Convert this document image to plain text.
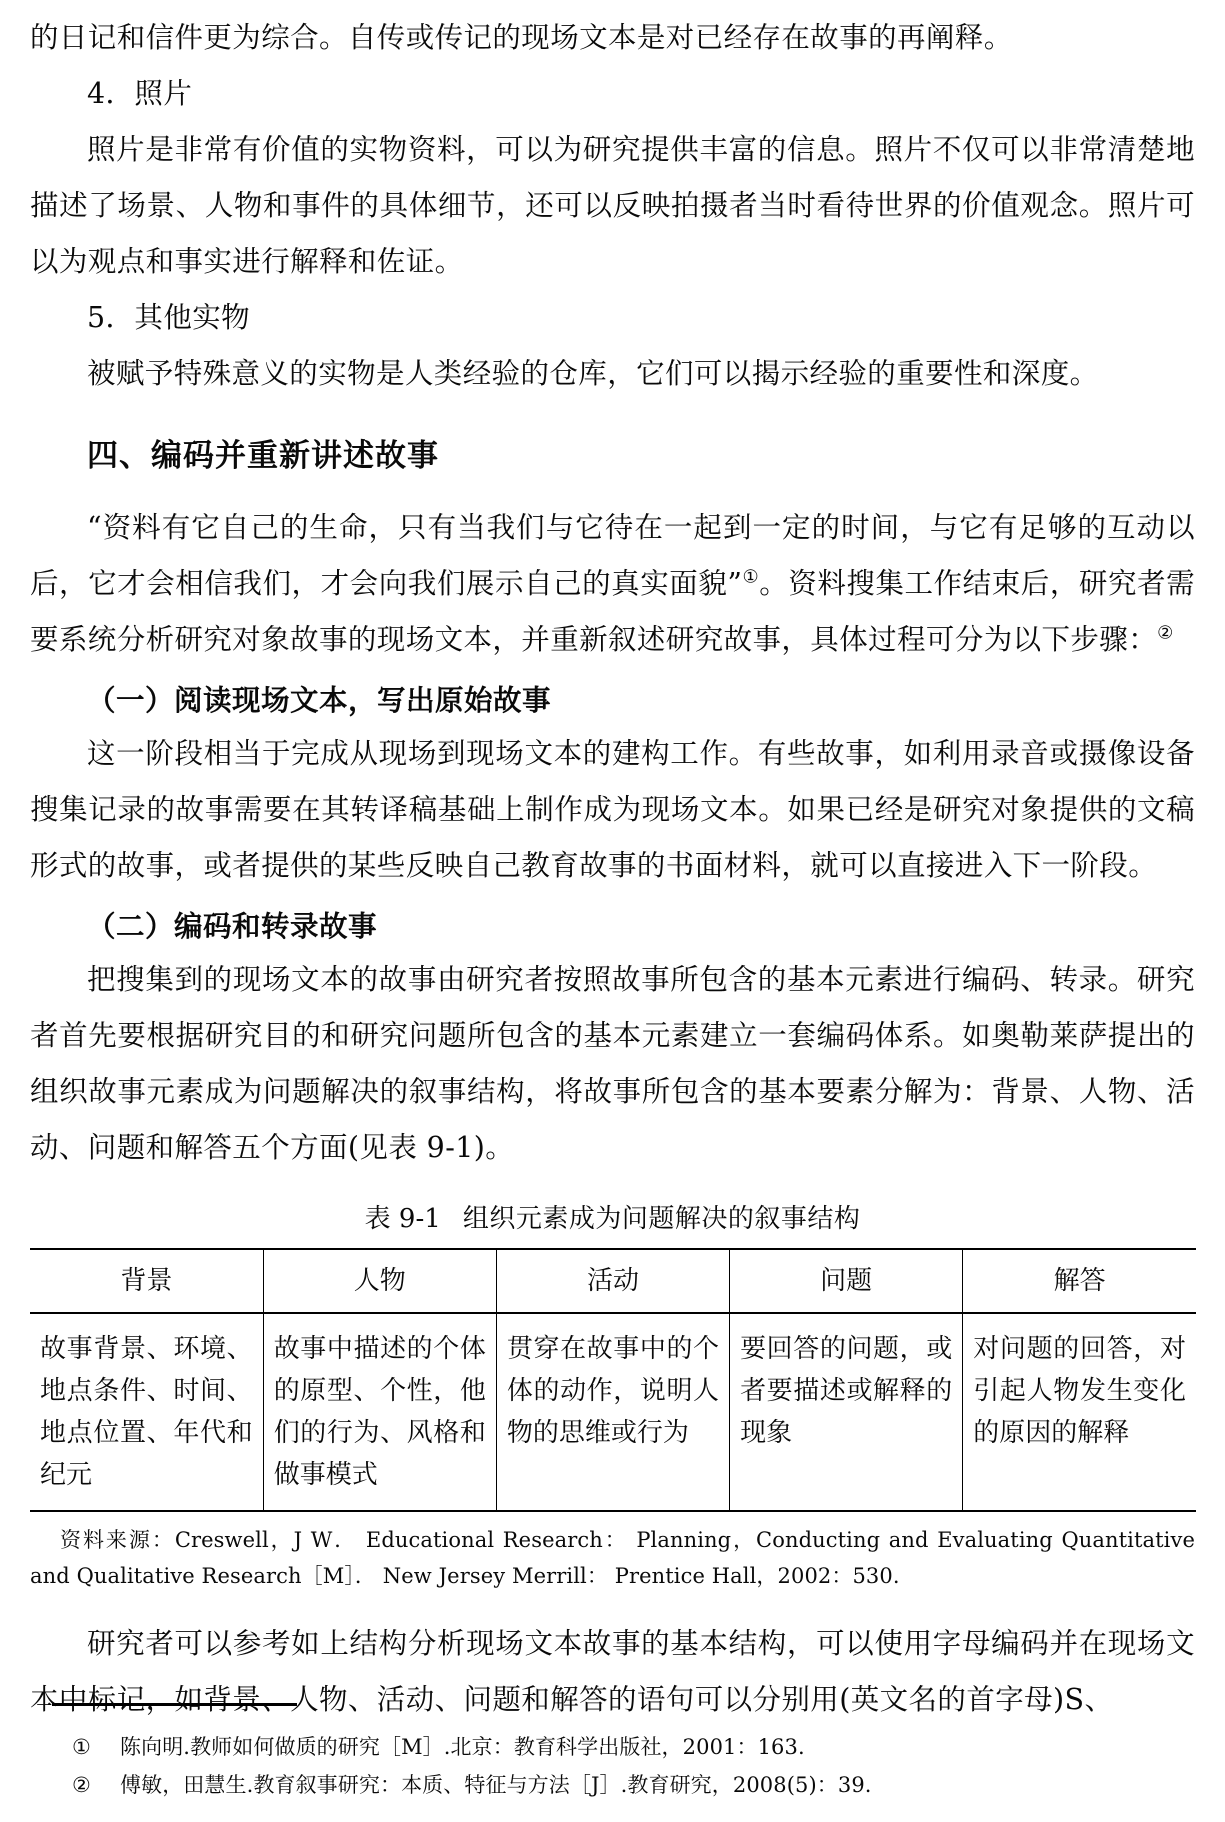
的日记和信件更为综合。自传或传记的现场文本是对已经存在故事的再阐释。

4．照片

照片是非常有价值的实物资料，可以为研究提供丰富的信息。照片不仅可以非常清楚地描述了场景、人物和事件的具体细节，还可以反映拍摄者当时看待世界的价值观念。照片可以为观点和事实进行解释和佐证。

5．其他实物

被赋予特殊意义的实物是人类经验的仓库，它们可以揭示经验的重要性和深度。

四、编码并重新讲述故事

“资料有它自己的生命，只有当我们与它待在一起到一定的时间，与它有足够的互动以后，它才会相信我们，才会向我们展示自己的真实面貌”①。资料搜集工作结束后，研究者需要系统分析研究对象故事的现场文本，并重新叙述研究故事，具体过程可分为以下步骤：②

（一）阅读现场文本，写出原始故事

这一阶段相当于完成从现场到现场文本的建构工作。有些故事，如利用录音或摄像设备搜集记录的故事需要在其转译稿基础上制作成为现场文本。如果已经是研究对象提供的文稿形式的故事，或者提供的某些反映自己教育故事的书面材料，就可以直接进入下一阶段。

（二）编码和转录故事

把搜集到的现场文本的故事由研究者按照故事所包含的基本元素进行编码、转录。研究者首先要根据研究目的和研究问题所包含的基本元素建立一套编码体系。如奥勒莱萨提出的组织故事元素成为问题解决的叙事结构，将故事所包含的基本要素分解为：背景、人物、活动、问题和解答五个方面(见表 9-1)。

表 9-1 组织元素成为问题解决的叙事结构
背景	人物	活动	问题	解答
故事背景、环境、地点条件、时间、地点位置、年代和纪元	故事中描述的个体的原型、个性，他们的行为、风格和做事模式	贯穿在故事中的个体的动作，说明人物的思维或行为	要回答的问题，或者要描述或解释的现象	对问题的回答，对引起人物发生变化的原因的解释

资料来源：Creswell，J W． Educational Research： Planning，Conducting and Evaluating Quantitative and Qualitative Research［M］． New Jersey Merrill： Prentice Hall，2002：530.

研究者可以参考如上结构分析现场文本故事的基本结构，可以使用字母编码并在现场文本中标记，如背景、人物、活动、问题和解答的语句可以分别用(英文名的首字母)S、

① 陈向明.教师如何做质的研究［M］.北京：教育科学出版社，2001：163.
② 傅敏，田慧生.教育叙事研究：本质、特征与方法［J］.教育研究，2008(5)：39.
